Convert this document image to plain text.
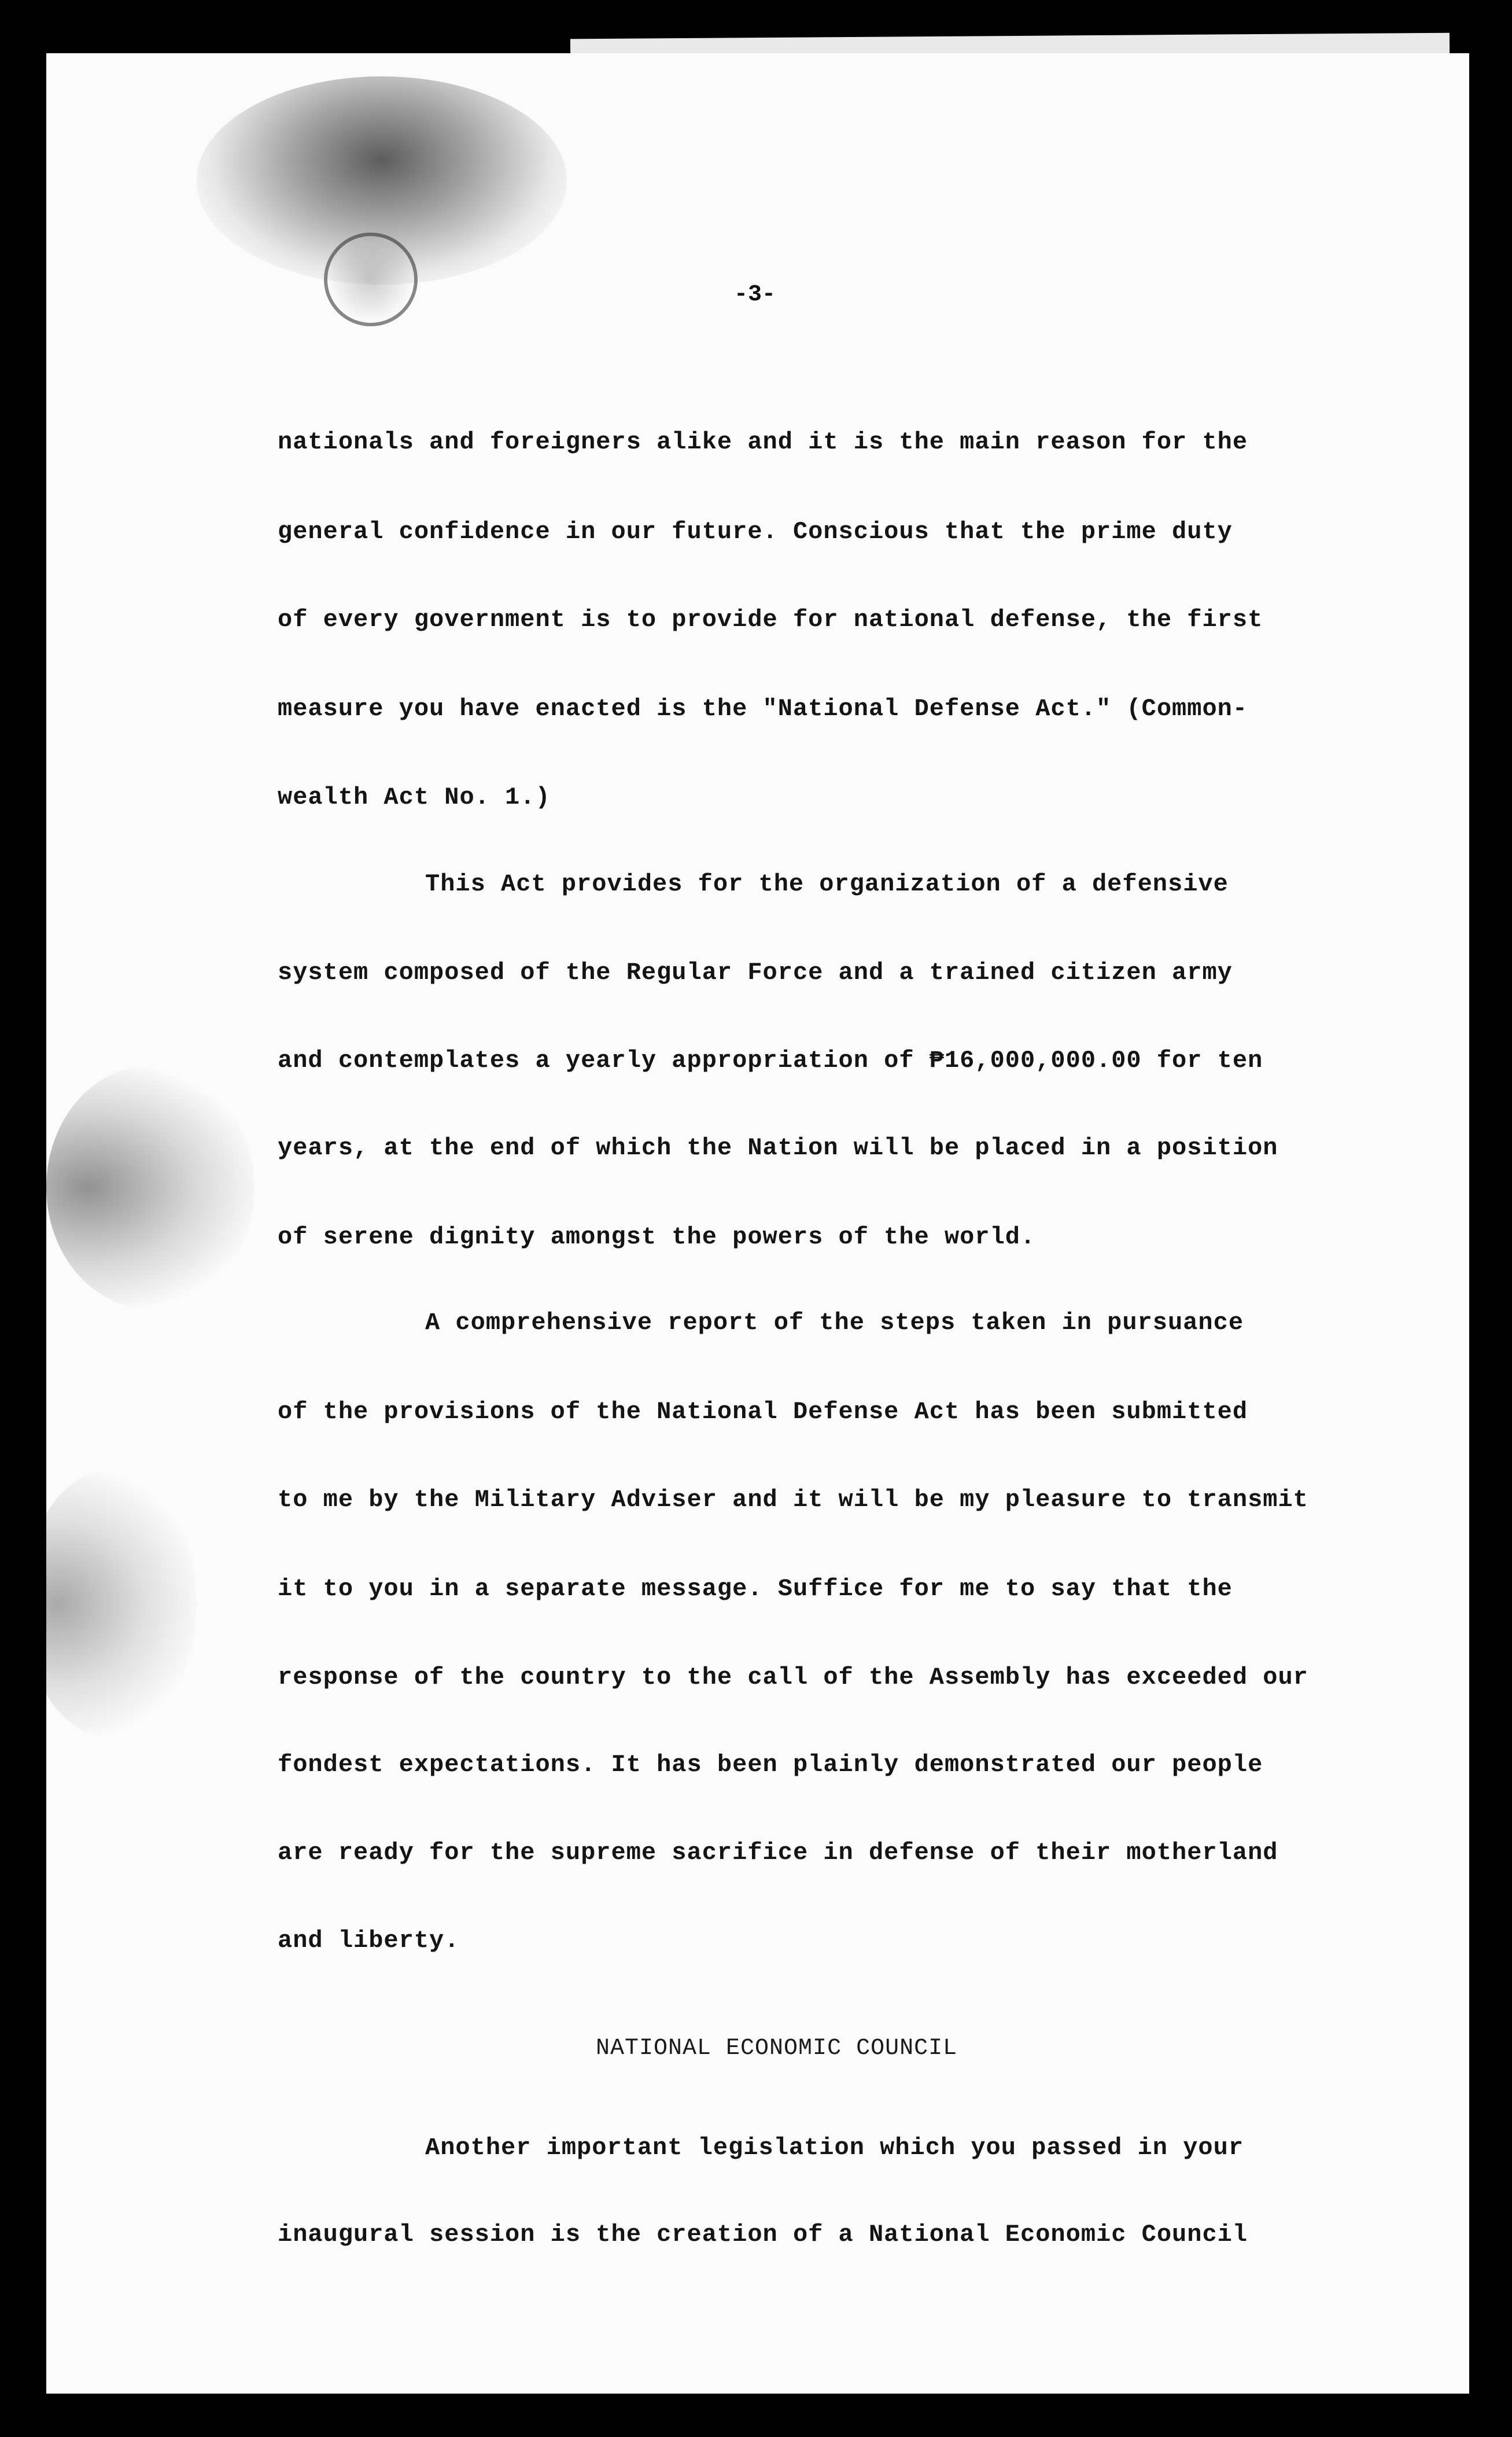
-3-
nationals and foreigners alike and it is the main reason for the
general confidence in our future. Conscious that the prime duty
of every government is to provide for national defense, the first
measure you have enacted is the "National Defense Act." (Common-
wealth Act No. 1.)
This Act provides for the organization of a defensive
system composed of the Regular Force and a trained citizen army
and contemplates a yearly appropriation of ₱16,000,000.00 for ten
years, at the end of which the Nation will be placed in a position
of serene dignity amongst the powers of the world.
A comprehensive report of the steps taken in pursuance
of the provisions of the National Defense Act has been submitted
to me by the Military Adviser and it will be my pleasure to transmit
it to you in a separate message. Suffice for me to say that the
response of the country to the call of the Assembly has exceeded our
fondest expectations. It has been plainly demonstrated our people
are ready for the supreme sacrifice in defense of their motherland
and liberty.
NATIONAL ECONOMIC COUNCIL
Another important legislation which you passed in your
inaugural session is the creation of a National Economic Council
